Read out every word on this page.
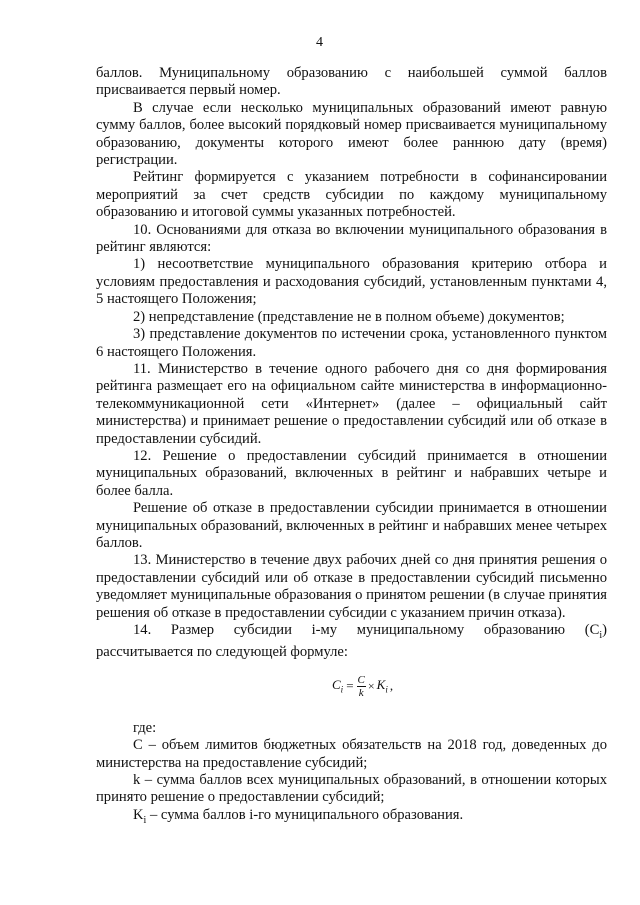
4

баллов. Муниципальному образованию с наибольшей суммой баллов присваивается первый номер.

В случае если несколько муниципальных образований имеют равную сумму баллов, более высокий порядковый номер присваивается муниципальному образованию, документы которого имеют более раннюю дату (время) регистрации.

Рейтинг формируется с указанием потребности в софинансировании мероприятий за счет средств субсидии по каждому муниципальному образованию и итоговой суммы указанных потребностей.

10. Основаниями для отказа во включении муниципального образования в рейтинг являются:

1) несоответствие муниципального образования критерию отбора и условиям предоставления и расходования субсидий, установленным пунктами 4, 5 настоящего Положения;

2) непредставление (представление не в полном объеме) документов;

3) представление документов по истечении срока, установленного пунктом 6 настоящего Положения.

11. Министерство в течение одного рабочего дня со дня формирования рейтинга размещает его на официальном сайте министерства в информационно-телекоммуникационной сети «Интернет» (далее – официальный сайт министерства) и принимает решение о предоставлении субсидий или об отказе в предоставлении субсидий.

12. Решение о предоставлении субсидий принимается в отношении муниципальных образований, включенных в рейтинг и набравших четыре и более балла.

Решение об отказе в предоставлении субсидии принимается в отношении муниципальных образований, включенных в рейтинг и набравших менее четырех баллов.

13. Министерство в течение двух рабочих дней со дня принятия решения о предоставлении субсидий или об отказе в предоставлении субсидий письменно уведомляет муниципальные образования о принятом решении (в случае принятия решения об отказе в предоставлении субсидии с указанием причин отказа).

14. Размер субсидии i-му муниципальному образованию $(C_i)$ рассчитывается по следующей формуле:

$C_i = \frac{C}{k} \times K_i$ ,

где:

C – объем лимитов бюджетных обязательств на 2018 год, доведенных до министерства на предоставление субсидий;

k – сумма баллов всех муниципальных образований, в отношении которых принято решение о предоставлении субсидий;

$K_i$ – сумма баллов i-го муниципального образования.
